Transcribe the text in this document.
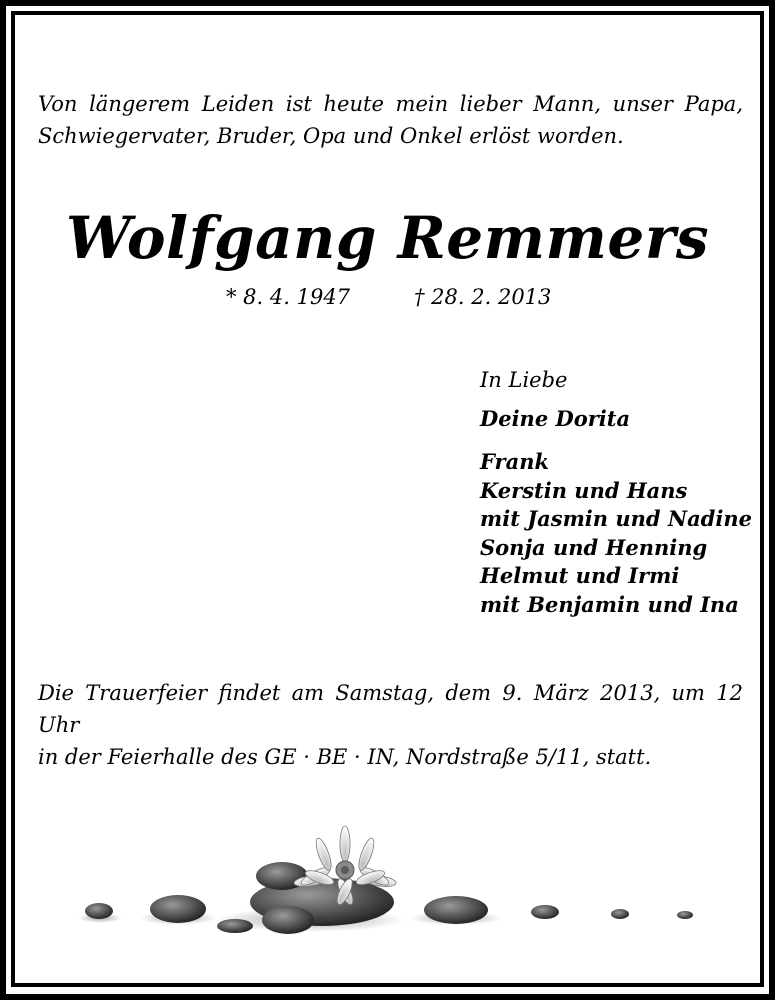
Von längerem Leiden ist heute mein lieber Mann, unser Papa,
Schwiegervater, Bruder, Opa und Onkel erlöst worden.

Wolfgang Remmers
* 8. 4. 1947	† 28. 2. 2013
In Liebe
Deine Dorita
Frank
Kerstin und Hans
mit Jasmin und Nadine
Sonja und Henning
Helmut und Irmi
mit Benjamin und Ina

Die Trauerfeier findet am Samstag, dem 9. März 2013, um 12 Uhr
in der Feierhalle des GE · BE · IN, Nordstraße 5/11, statt.
